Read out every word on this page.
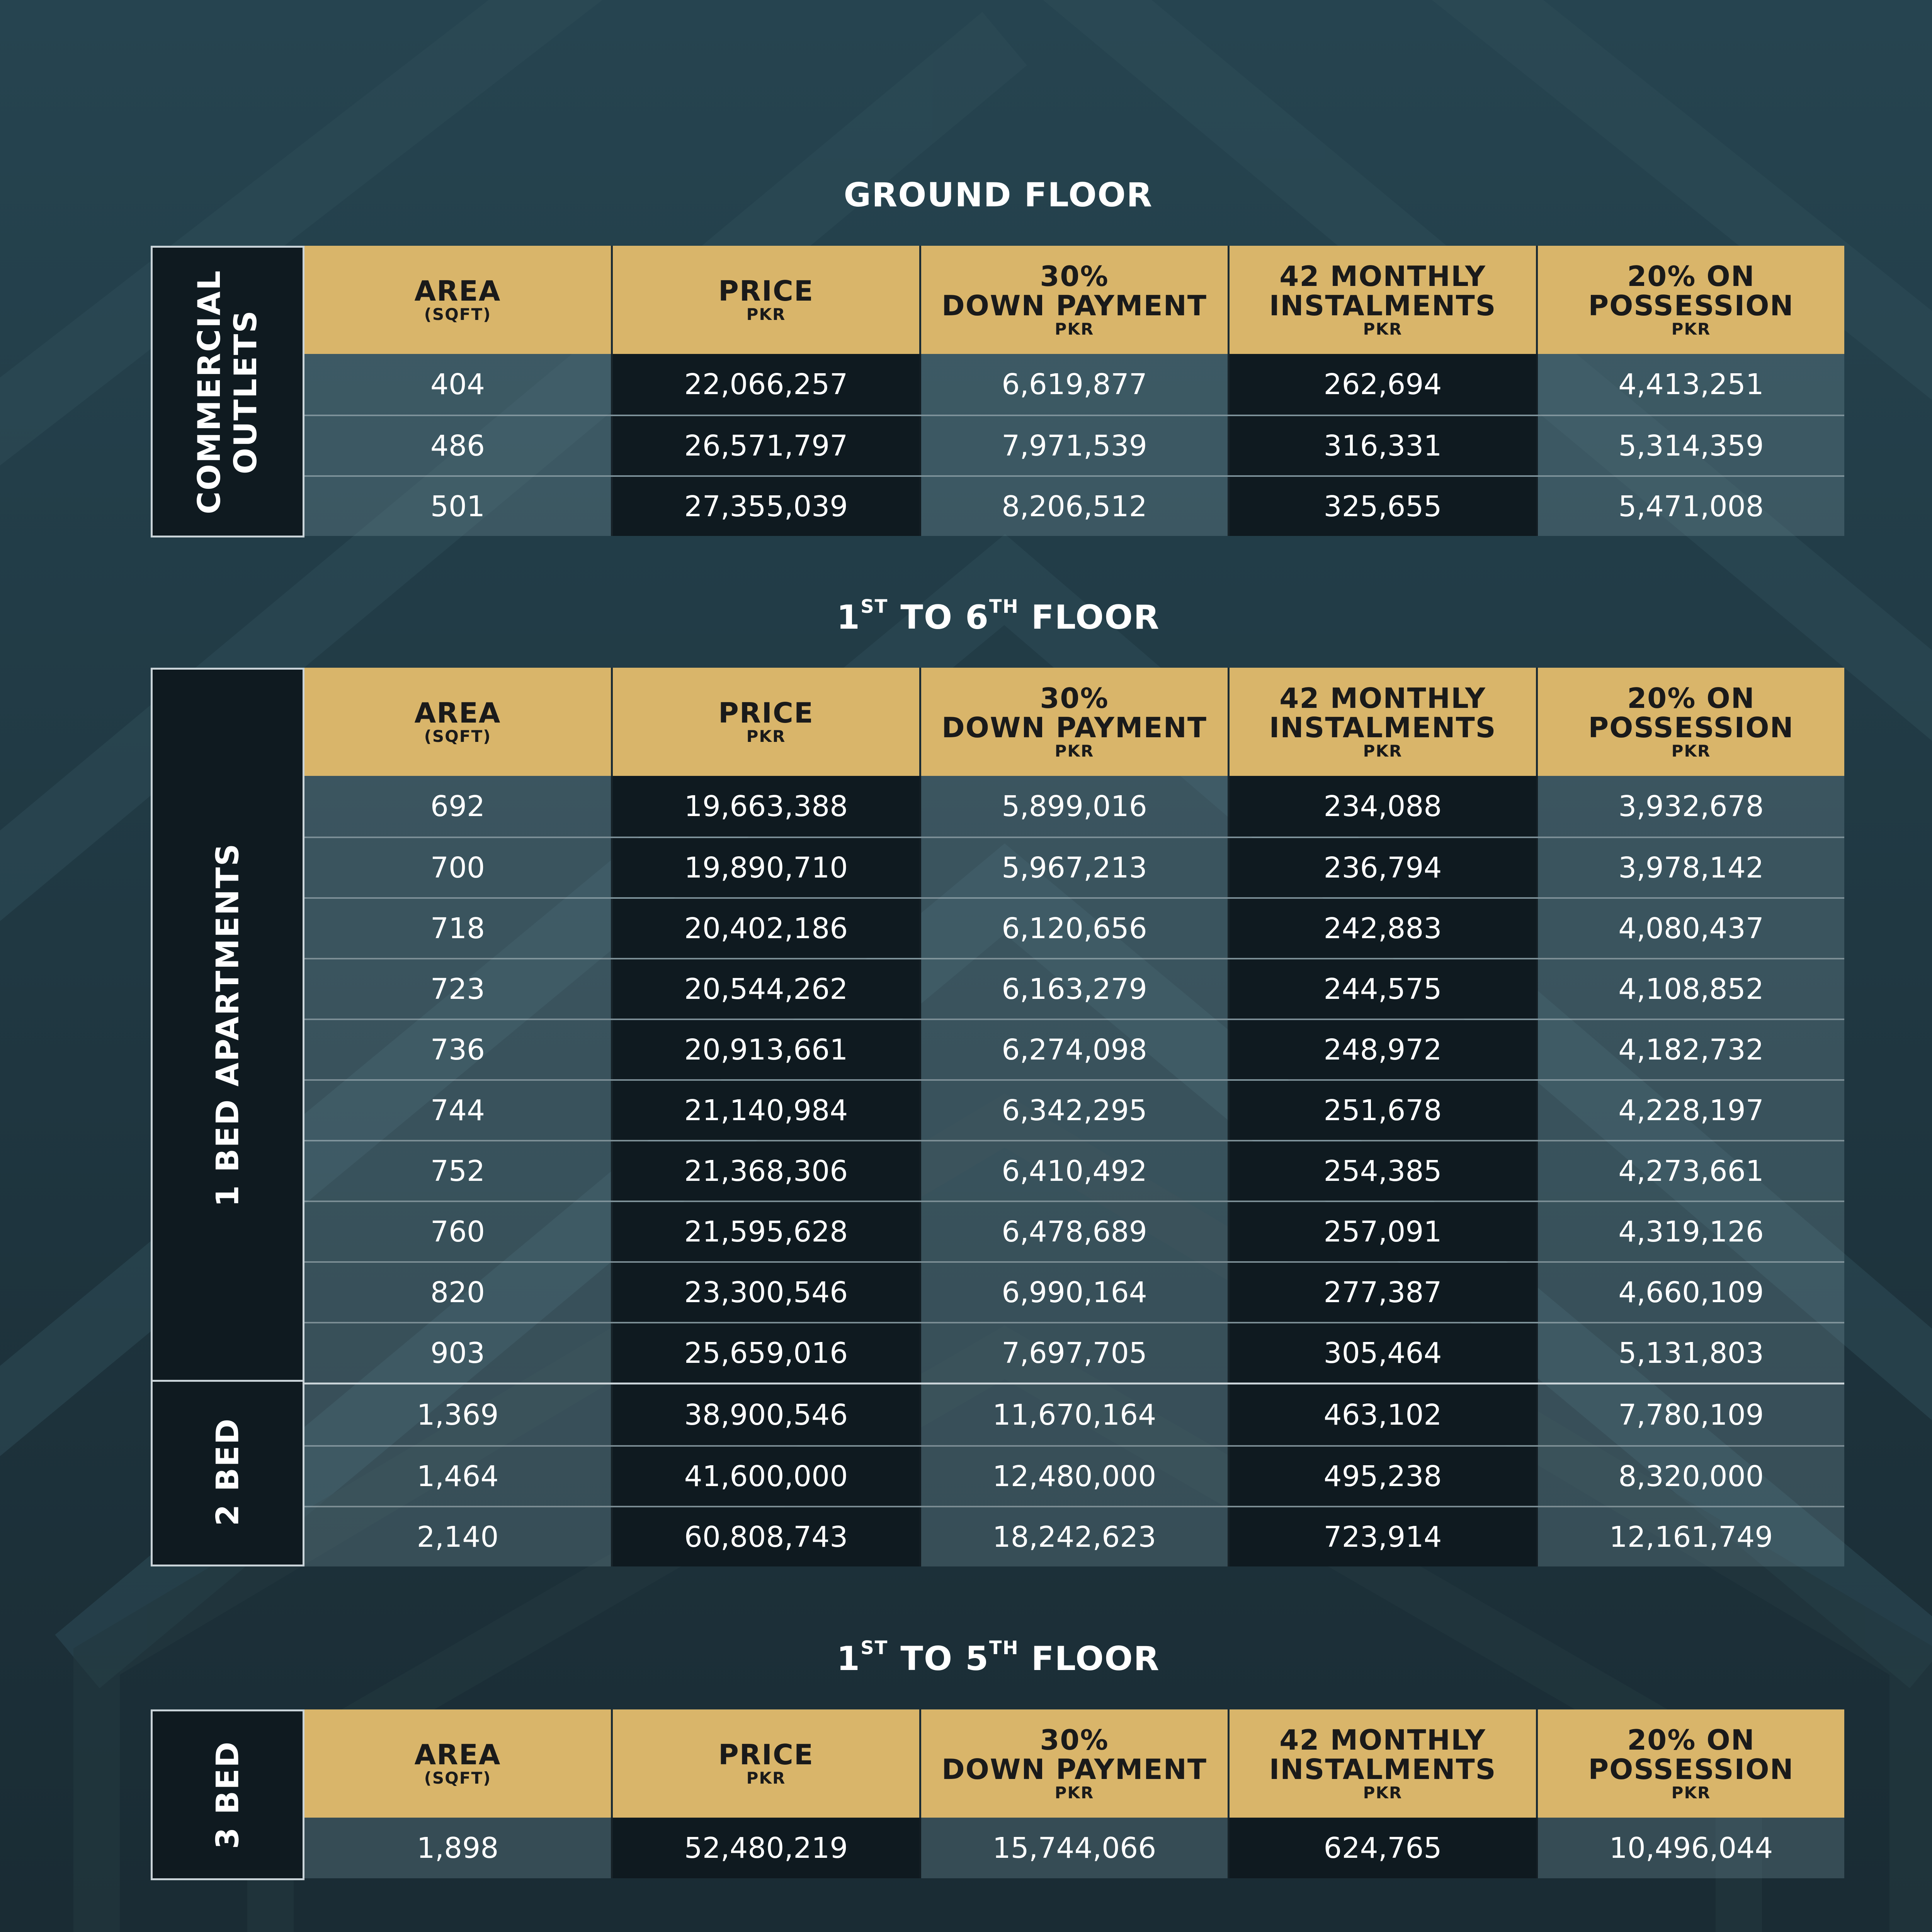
GROUND FLOOR
COMMERCIAL
OUTLETS
AREA
(SQFT)
PRICE
PKR
30%
DOWN PAYMENT
PKR
42 MONTHLY
INSTALMENTS
PKR
20% ON
POSSESSION
PKR
404	22,066,257	6,619,877	262,694	4,413,251
486	26,571,797	7,971,539	316,331	5,314,359
501	27,355,039	8,206,512	325,655	5,471,008
1ST TO 6TH FLOOR
1 BED APARTMENTS
2 BED
AREA
(SQFT)
PRICE
PKR
30%
DOWN PAYMENT
PKR
42 MONTHLY
INSTALMENTS
PKR
20% ON
POSSESSION
PKR
692	19,663,388	5,899,016	234,088	3,932,678
700	19,890,710	5,967,213	236,794	3,978,142
718	20,402,186	6,120,656	242,883	4,080,437
723	20,544,262	6,163,279	244,575	4,108,852
736	20,913,661	6,274,098	248,972	4,182,732
744	21,140,984	6,342,295	251,678	4,228,197
752	21,368,306	6,410,492	254,385	4,273,661
760	21,595,628	6,478,689	257,091	4,319,126
820	23,300,546	6,990,164	277,387	4,660,109
903	25,659,016	7,697,705	305,464	5,131,803
1,369	38,900,546	11,670,164	463,102	7,780,109
1,464	41,600,000	12,480,000	495,238	8,320,000
2,140	60,808,743	18,242,623	723,914	12,161,749
1ST TO 5TH FLOOR
3 BED	AREA
(SQFT)
PRICE
PKR
30%
DOWN PAYMENT
PKR
42 MONTHLY
INSTALMENTS
PKR
20% ON
POSSESSION
PKR
1,898	52,480,219	15,744,066	624,765	10,496,044
